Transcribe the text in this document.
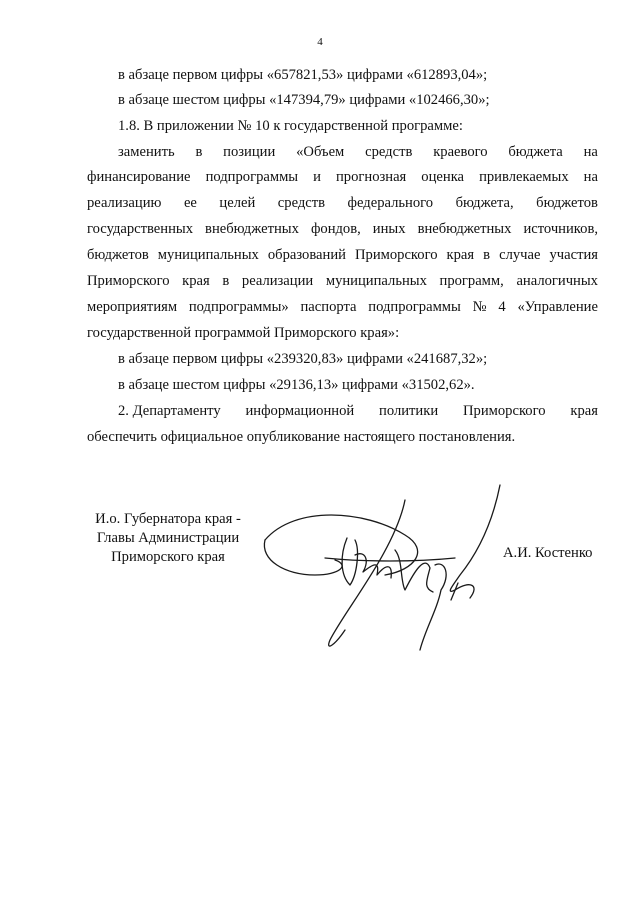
4
в абзаце первом цифры «657821,53» цифрами «612893,04»;
в абзаце шестом цифры «147394,79» цифрами «102466,30»;
1.8. В приложении № 10 к государственной программе:
заменить в позиции «Объем средств краевого бюджета на
финансирование подпрограммы и прогнозная оценка привлекаемых на
реализацию ее целей средств федерального бюджета, бюджетов
государственных внебюджетных фондов, иных внебюджетных источников,
бюджетов муниципальных образований Приморского края в случае участия
Приморского края в реализации муниципальных программ, аналогичных
мероприятиям подпрограммы» паспорта подпрограммы № 4 «Управление
государственной программой Приморского края»:
в абзаце первом цифры «239320,83» цифрами «241687,32»;
в абзаце шестом цифры «29136,13» цифрами «31502,62».
2. Департаменту информационной политики Приморского края
обеспечить официальное опубликование настоящего постановления.
И.о. Губернатора края -
Главы Администрации
Приморского края	А.И. Костенко
